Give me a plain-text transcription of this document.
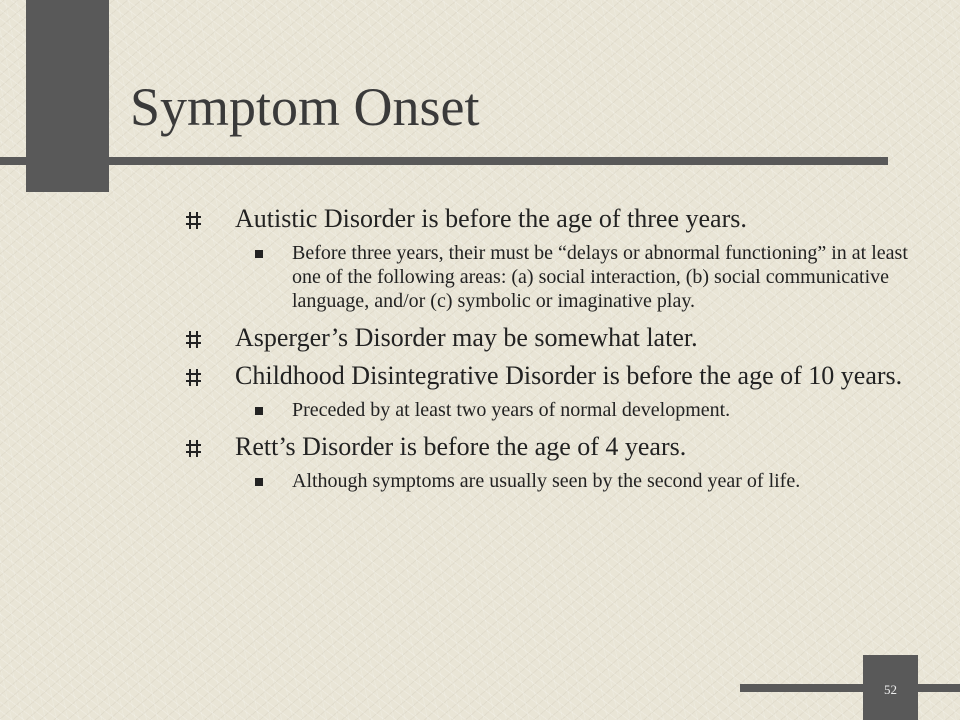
Symptom Onset
Autistic Disorder is before the age of three years.
Before three years, their must be “delays or abnormal functioning” in at least one of the following areas: (a) social interaction, (b) social communicative language, and/or (c) symbolic or imaginative play.
Asperger’s Disorder may be somewhat later.
Childhood Disintegrative Disorder is before the age of 10 years.
Preceded by at least two years of normal development.
Rett’s Disorder is before the age of 4 years.
Although symptoms are usually seen by the second year of life.
52
